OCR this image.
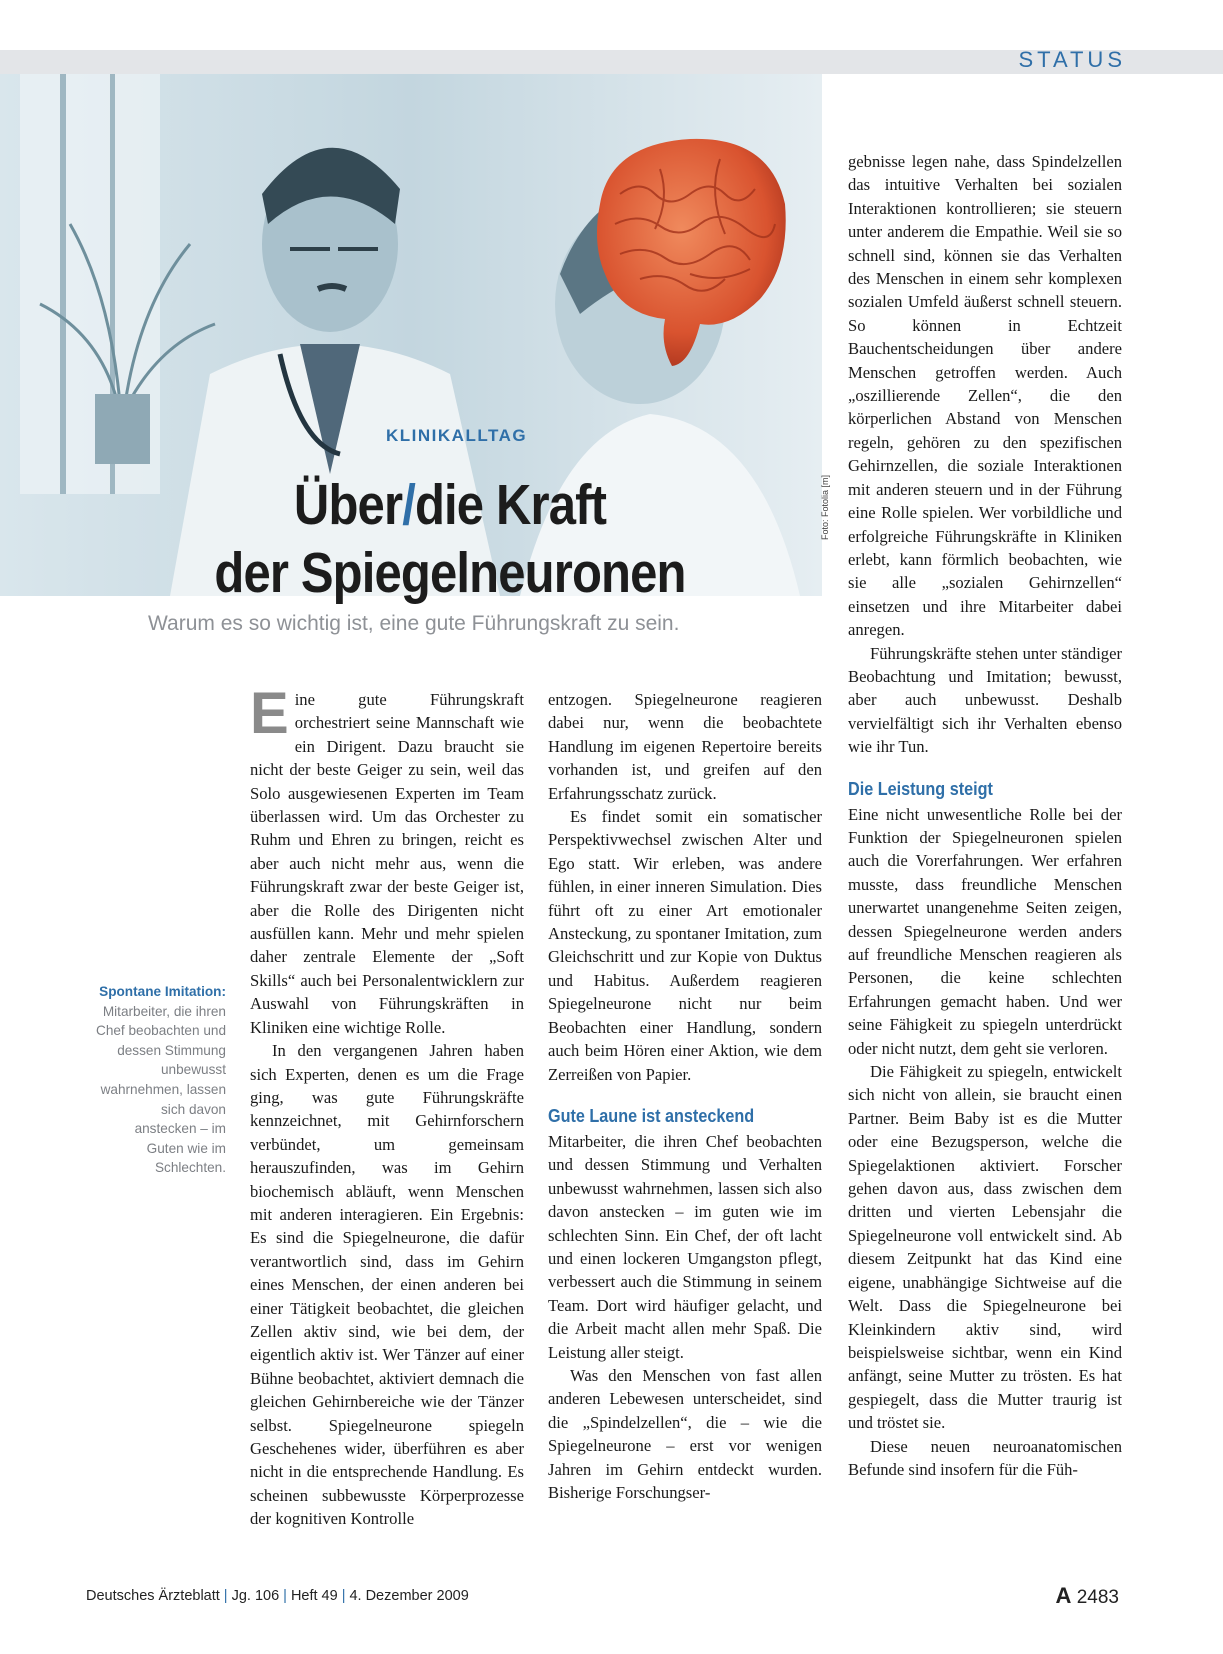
STATUS
Foto: Fotolia [m]
KLINIKALLTAG
Über/die Kraft
der Spiegelneuronen
Warum es so wichtig ist, eine gute Führungskraft zu sein.
Spontane Imitation: Mitarbeiter, die ihren Chef beobachten und dessen Stimmung unbewusst wahrnehmen, lassen sich davon anstecken – im Guten wie im Schlechten.

Eine gute Führungskraft orchestriert seine Mannschaft wie ein Dirigent. Dazu braucht sie nicht der beste Geiger zu sein, weil das Solo ausgewiesenen Experten im Team überlassen wird. Um das Orchester zu Ruhm und Ehren zu bringen, reicht es aber auch nicht mehr aus, wenn die Führungskraft zwar der beste Geiger ist, aber die Rolle des Dirigenten nicht ausfüllen kann. Mehr und mehr spielen daher zentrale Elemente der „Soft Skills“ auch bei Personalentwicklern zur Auswahl von Führungskräften in Kliniken eine wichtige Rolle.

In den vergangenen Jahren haben sich Experten, denen es um die Frage ging, was gute Führungskräfte kennzeichnet, mit Gehirnforschern verbündet, um gemeinsam herauszufinden, was im Gehirn biochemisch abläuft, wenn Menschen mit anderen interagieren. Ein Ergebnis: Es sind die Spiegelneurone, die dafür verantwortlich sind, dass im Gehirn eines Menschen, der einen anderen bei einer Tätigkeit beobachtet, die gleichen Zellen aktiv sind, wie bei dem, der eigentlich aktiv ist. Wer Tänzer auf einer Bühne beobachtet, aktiviert demnach die gleichen Gehirnbereiche wie der Tänzer selbst. Spiegelneurone spiegeln Geschehenes wider, überführen es aber nicht in die entsprechende Handlung. Es scheinen subbewusste Körperprozesse der kognitiven Kontrolle

entzogen. Spiegelneurone reagieren dabei nur, wenn die beobachtete Handlung im eigenen Repertoire bereits vorhanden ist, und greifen auf den Erfahrungsschatz zurück.

Es findet somit ein somatischer Perspektivwechsel zwischen Alter und Ego statt. Wir erleben, was andere fühlen, in einer inneren Simulation. Dies führt oft zu einer Art emotionaler Ansteckung, zu spontaner Imitation, zum Gleichschritt und zur Kopie von Duktus und Habitus. Außerdem reagieren Spiegelneurone nicht nur beim Beobachten einer Handlung, sondern auch beim Hören einer Aktion, wie dem Zerreißen von Papier.

Gute Laune ist ansteckend

Mitarbeiter, die ihren Chef beobachten und dessen Stimmung und Verhalten unbewusst wahrnehmen, lassen sich also davon anstecken – im guten wie im schlechten Sinn. Ein Chef, der oft lacht und einen lockeren Umgangston pflegt, verbessert auch die Stimmung in seinem Team. Dort wird häufiger gelacht, und die Arbeit macht allen mehr Spaß. Die Leistung aller steigt.

Was den Menschen von fast allen anderen Lebewesen unterscheidet, sind die „Spindelzellen“, die – wie die Spiegelneurone – erst vor wenigen Jahren im Gehirn entdeckt wurden. Bisherige Forschungser-

gebnisse legen nahe, dass Spindelzellen das intuitive Verhalten bei sozialen Interaktionen kontrollieren; sie steuern unter anderem die Empathie. Weil sie so schnell sind, können sie das Verhalten des Menschen in einem sehr komplexen sozialen Umfeld äußerst schnell steuern. So können in Echtzeit Bauchentscheidungen über andere Menschen getroffen werden. Auch „oszillierende Zellen“, die den körperlichen Abstand von Menschen regeln, gehören zu den spezifischen Gehirnzellen, die soziale Interaktionen mit anderen steuern und in der Führung eine Rolle spielen. Wer vorbildliche und erfolgreiche Führungskräfte in Kliniken erlebt, kann förmlich beobachten, wie sie alle „sozialen Gehirnzellen“ einsetzen und ihre Mitarbeiter dabei anregen.

Führungskräfte stehen unter ständiger Beobachtung und Imitation; bewusst, aber auch unbewusst. Deshalb vervielfältigt sich ihr Verhalten ebenso wie ihr Tun.

Die Leistung steigt

Eine nicht unwesentliche Rolle bei der Funktion der Spiegelneuronen spielen auch die Vorerfahrungen. Wer erfahren musste, dass freundliche Menschen unerwartet unangenehme Seiten zeigen, dessen Spiegelneurone werden anders auf freundliche Menschen reagieren als Personen, die keine schlechten Erfahrungen gemacht haben. Und wer seine Fähigkeit zu spiegeln unterdrückt oder nicht nutzt, dem geht sie verloren.

Die Fähigkeit zu spiegeln, entwickelt sich nicht von allein, sie braucht einen Partner. Beim Baby ist es die Mutter oder eine Bezugsperson, welche die Spiegelaktionen aktiviert. Forscher gehen davon aus, dass zwischen dem dritten und vierten Lebensjahr die Spiegelneurone voll entwickelt sind. Ab diesem Zeitpunkt hat das Kind eine eigene, unabhängige Sichtweise auf die Welt. Dass die Spiegelneurone bei Kleinkindern aktiv sind, wird beispielsweise sichtbar, wenn ein Kind anfängt, seine Mutter zu trösten. Es hat gespiegelt, dass die Mutter traurig ist und tröstet sie.

Diese neuen neuroanatomischen Befunde sind insofern für die Füh-

Deutsches Ärzteblatt | Jg. 106 | Heft 49 | 4. Dezember 2009	A 2483
